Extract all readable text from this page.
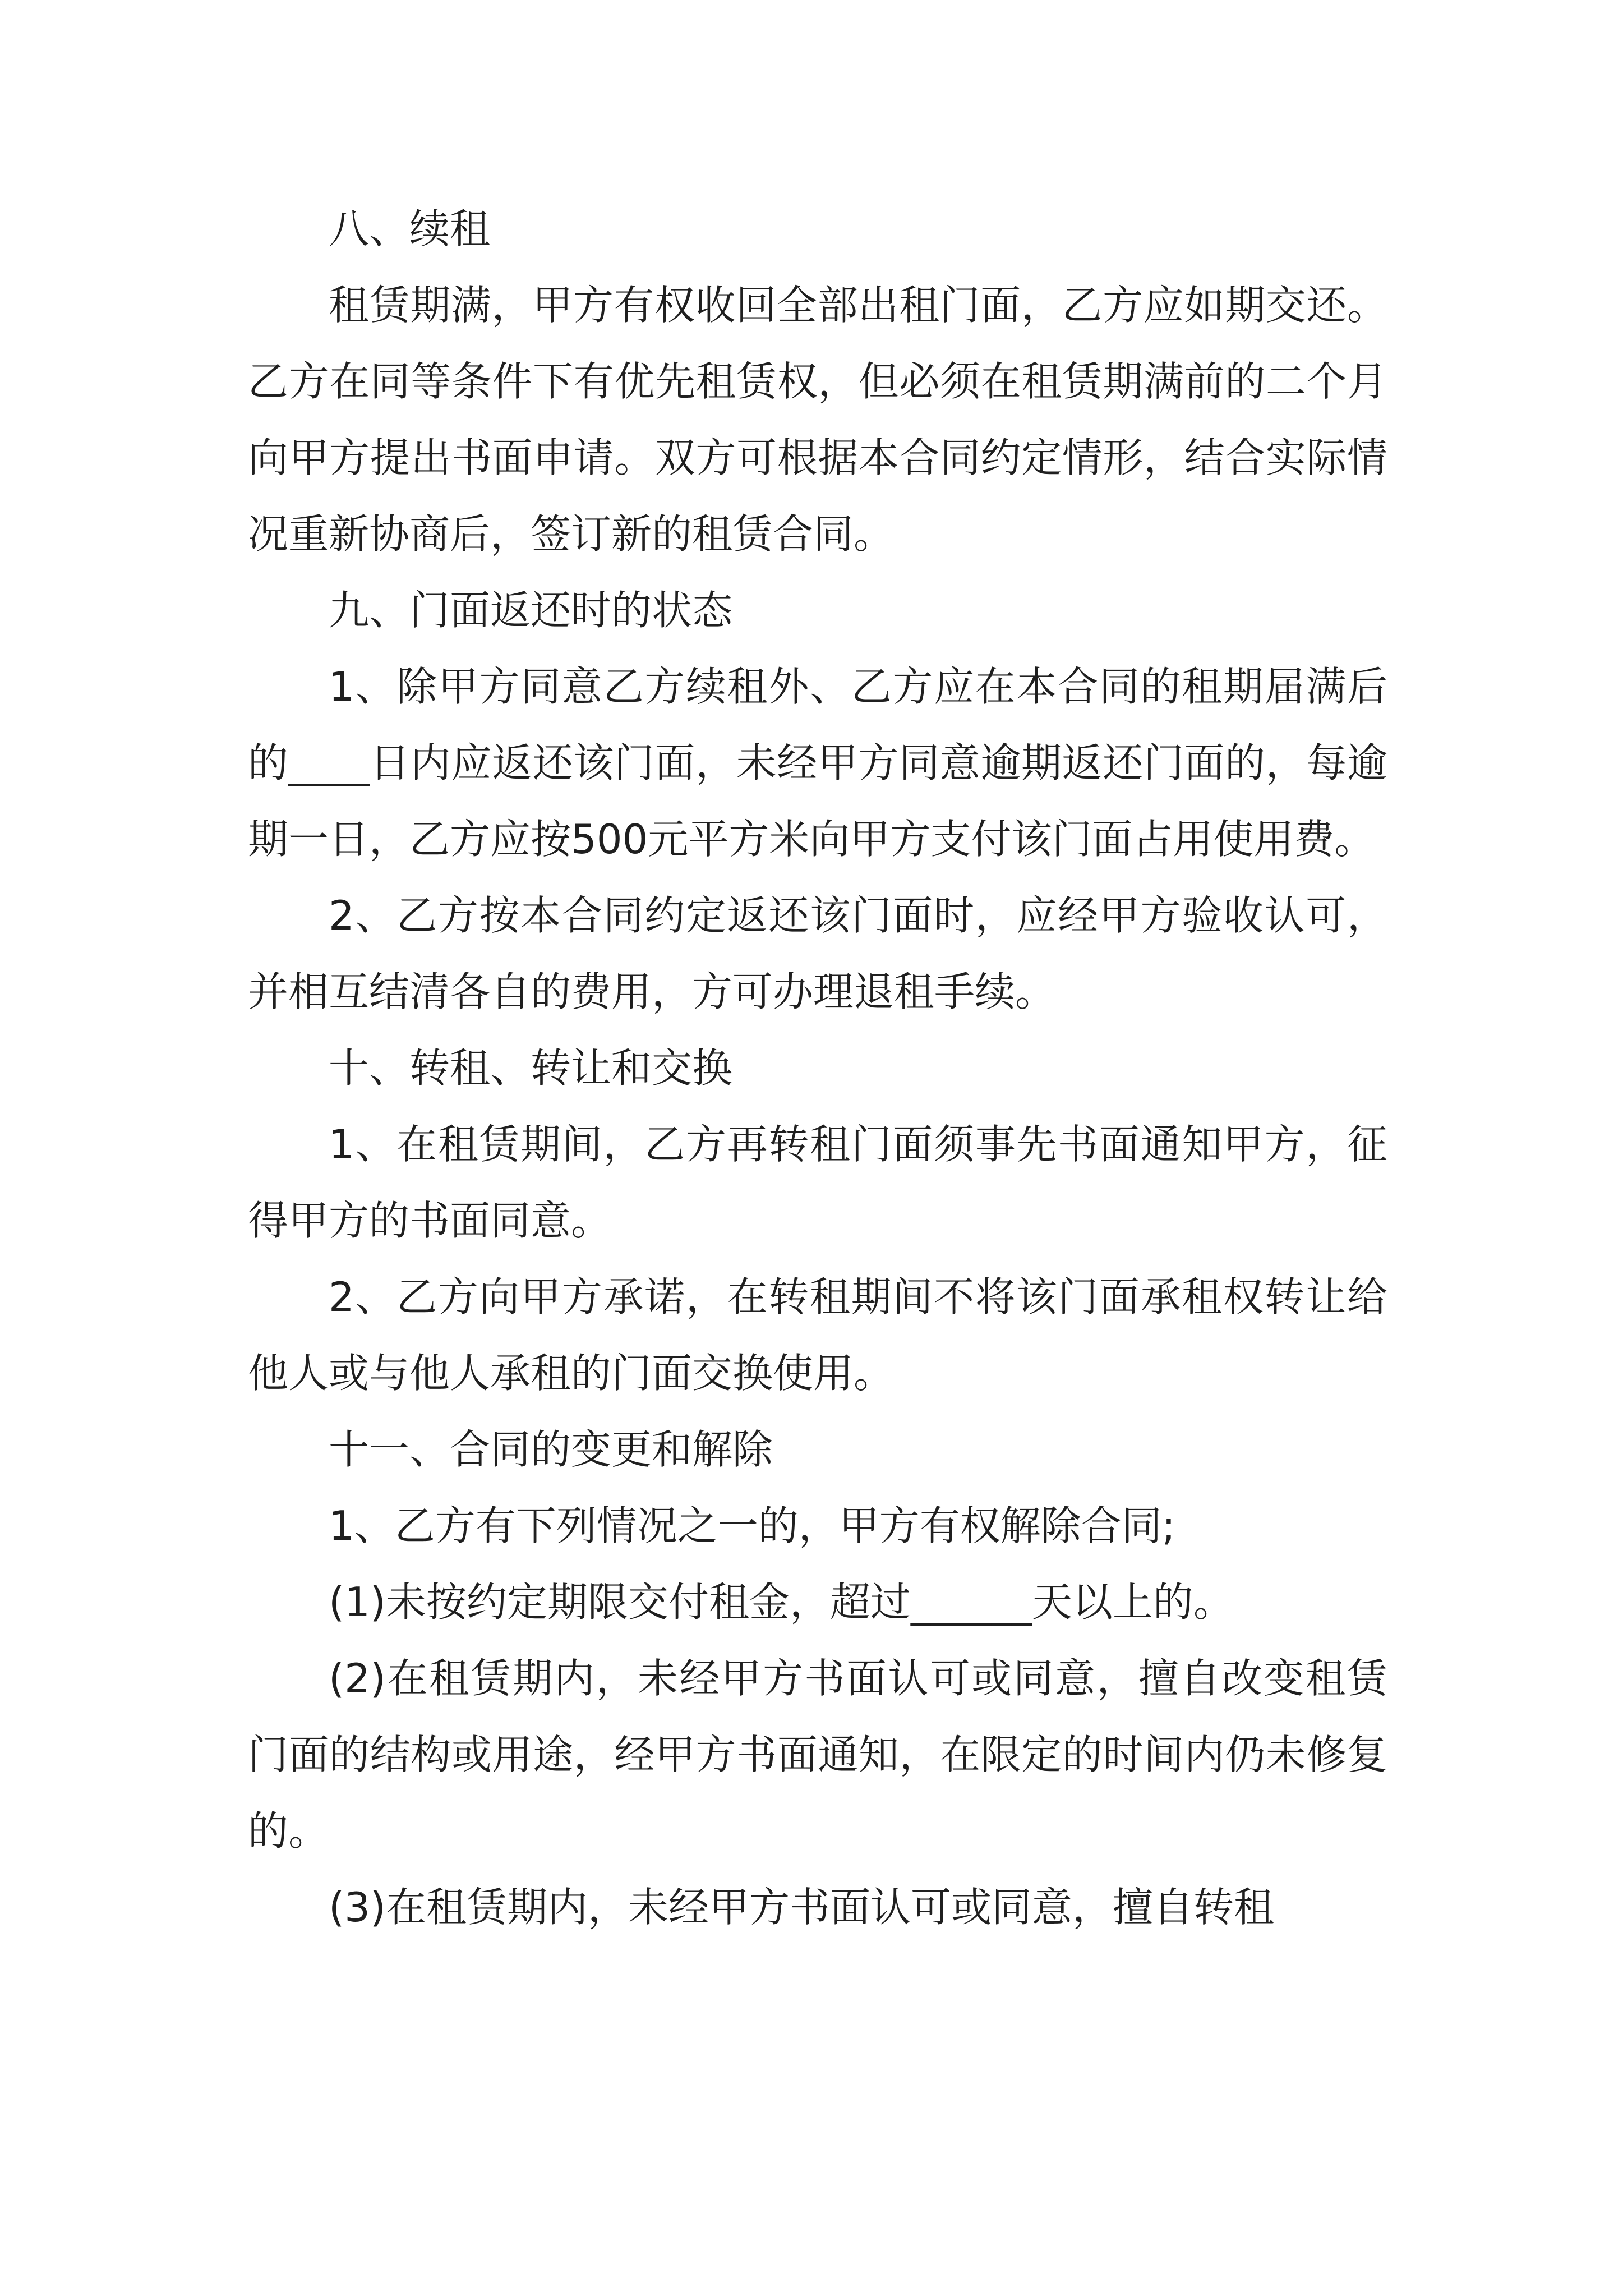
八、续租

租赁期满，甲方有权收回全部出租门面，乙方应如期交还。乙方在同等条件下有优先租赁权，但必须在租赁期满前的二个月向甲方提出书面申请。双方可根据本合同约定情形，结合实际情况重新协商后，签订新的租赁合同。

九、门面返还时的状态

1、除甲方同意乙方续租外、乙方应在本合同的租期届满后的____日内应返还该门面，未经甲方同意逾期返还门面的，每逾期一日，乙方应按500元平方米向甲方支付该门面占用使用费。

2、乙方按本合同约定返还该门面时，应经甲方验收认可，并相互结清各自的费用，方可办理退租手续。

十、转租、转让和交换

1、在租赁期间，乙方再转租门面须事先书面通知甲方，征得甲方的书面同意。

2、乙方向甲方承诺，在转租期间不将该门面承租权转让给他人或与他人承租的门面交换使用。

十一、合同的变更和解除

1、乙方有下列情况之一的，甲方有权解除合同;

(1)未按约定期限交付租金，超过______天以上的。

(2)在租赁期内，未经甲方书面认可或同意，擅自改变租赁门面的结构或用途，经甲方书面通知，在限定的时间内仍未修复的。

(3)在租赁期内，未经甲方书面认可或同意，擅自转租
